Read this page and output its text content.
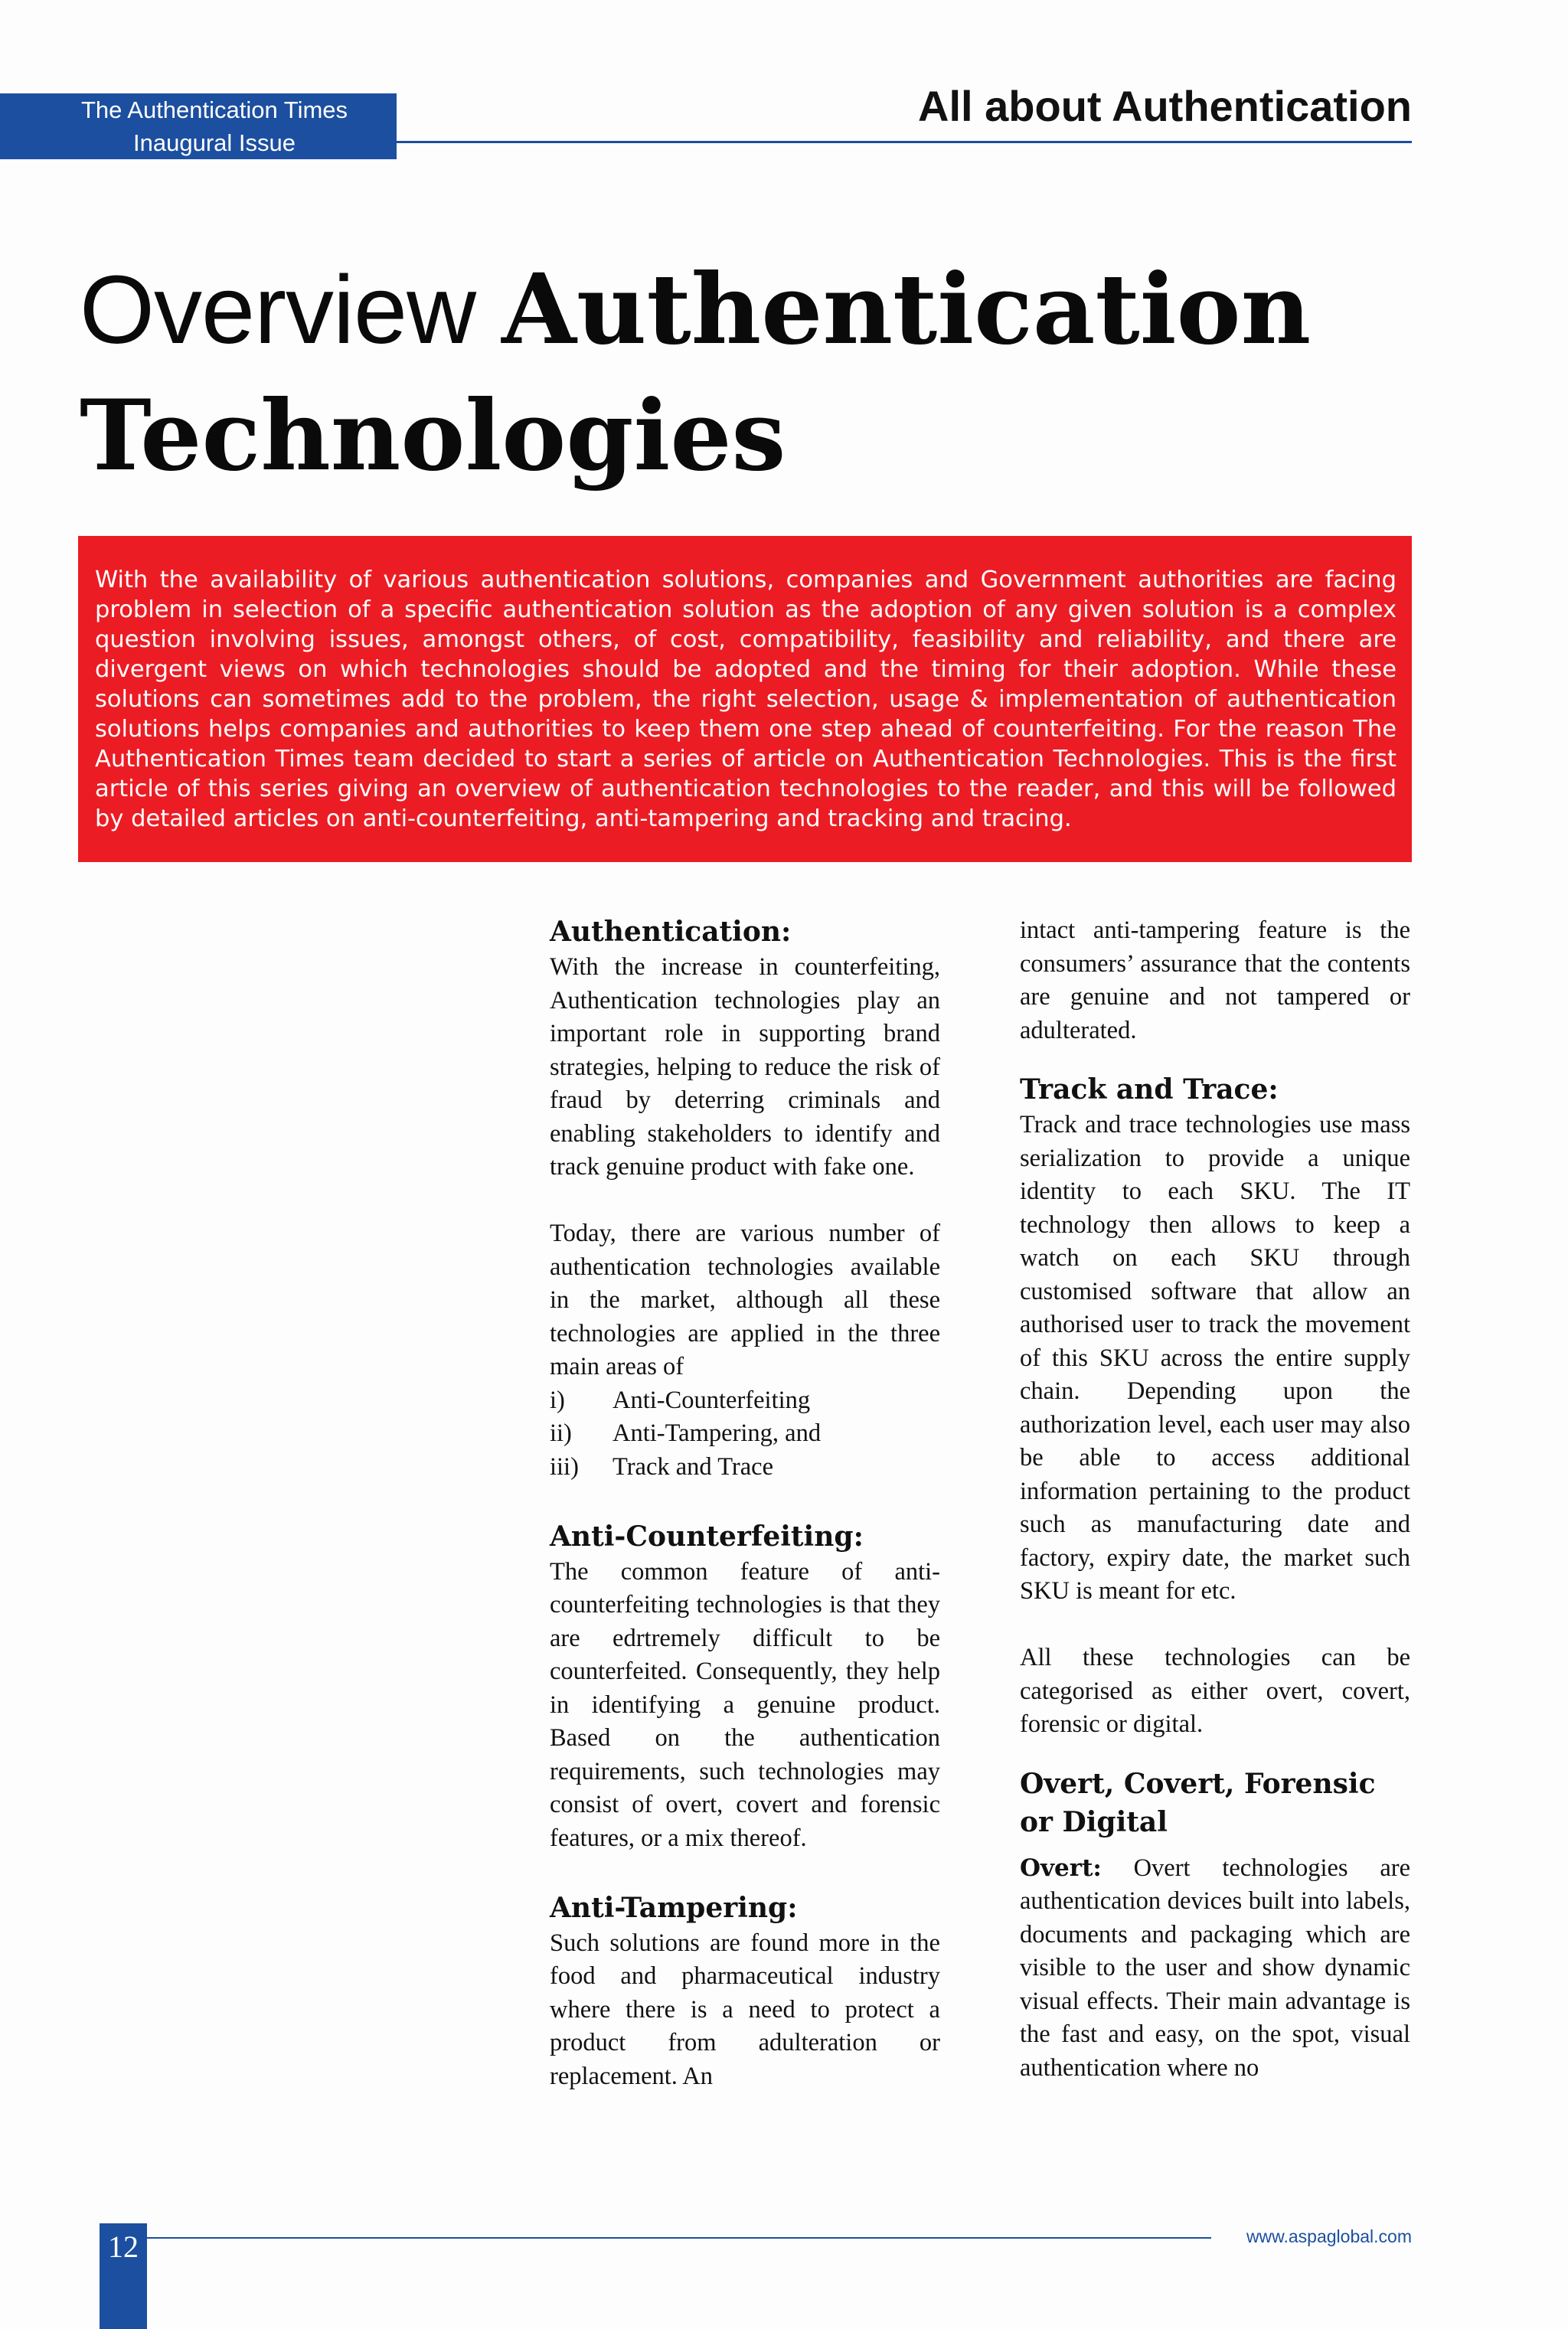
The Authentication Times
Inaugural Issue
All about Authentication
Overview Authentication Technologies
With the availability of various authentication solutions, companies and Government authorities are facing problem in selection of a specific authentication solution as the adoption of any given solution is a complex question involving issues, amongst others, of cost, compatibility, feasibility and reliability, and there are divergent views on which technologies should be adopted and the timing for their adoption. While these solutions can sometimes add to the problem, the right selection, usage & implementation of authentication solutions helps companies and authorities to keep them one step ahead of counterfeiting. For the reason The Authentication Times team decided to start a series of article on Authentication Technologies. This is the first article of this series giving an overview of authentication technologies to the reader, and this will be followed by detailed articles on anti-counterfeiting, anti-tampering and tracking and tracing.
Authentication:

With the increase in counterfeiting, Authentication technologies play an important role in supporting brand strategies, helping to reduce the risk of fraud by deterring criminals and enabling stakeholders to identify and track genuine product with fake one.

Today, there are various number of authentication technologies available in the market, although all these technologies are applied in the three main areas of

i)	Anti-Counterfeiting
ii)	Anti-Tampering, and
iii)	Track and Trace
Anti-Counterfeiting:

The common feature of anti-counterfeiting technologies is that they are edrtremely difficult to be counterfeited. Consequently, they help in identifying a genuine product. Based on the authentication requirements, such technologies may consist of overt, covert and forensic features, or a mix thereof.

Anti-Tampering:

Such solutions are found more in the food and pharmaceutical industry where there is a need to protect a product from adulteration or replacement. An

intact anti-tampering feature is the consumers’ assurance that the contents are genuine and not tampered or adulterated.

Track and Trace:

Track and trace technologies use mass serialization to provide a unique identity to each SKU. The IT technology then allows to keep a watch on each SKU through customised software that allow an authorised user to track the movement of this SKU across the entire supply chain. Depending upon the authorization level, each user may also be able to access additional information pertaining to the product such as manufacturing date and factory, expiry date, the market such SKU is meant for etc.

All these technologies can be categorised as either overt, covert, forensic or digital.

Overt, Covert, Forensic or Digital

Overt: Overt technologies are authentication devices built into labels, documents and packaging which are visible to the user and show dynamic visual effects. Their main advantage is the fast and easy, on the spot, visual authentication where no

12	www.aspaglobal.com
